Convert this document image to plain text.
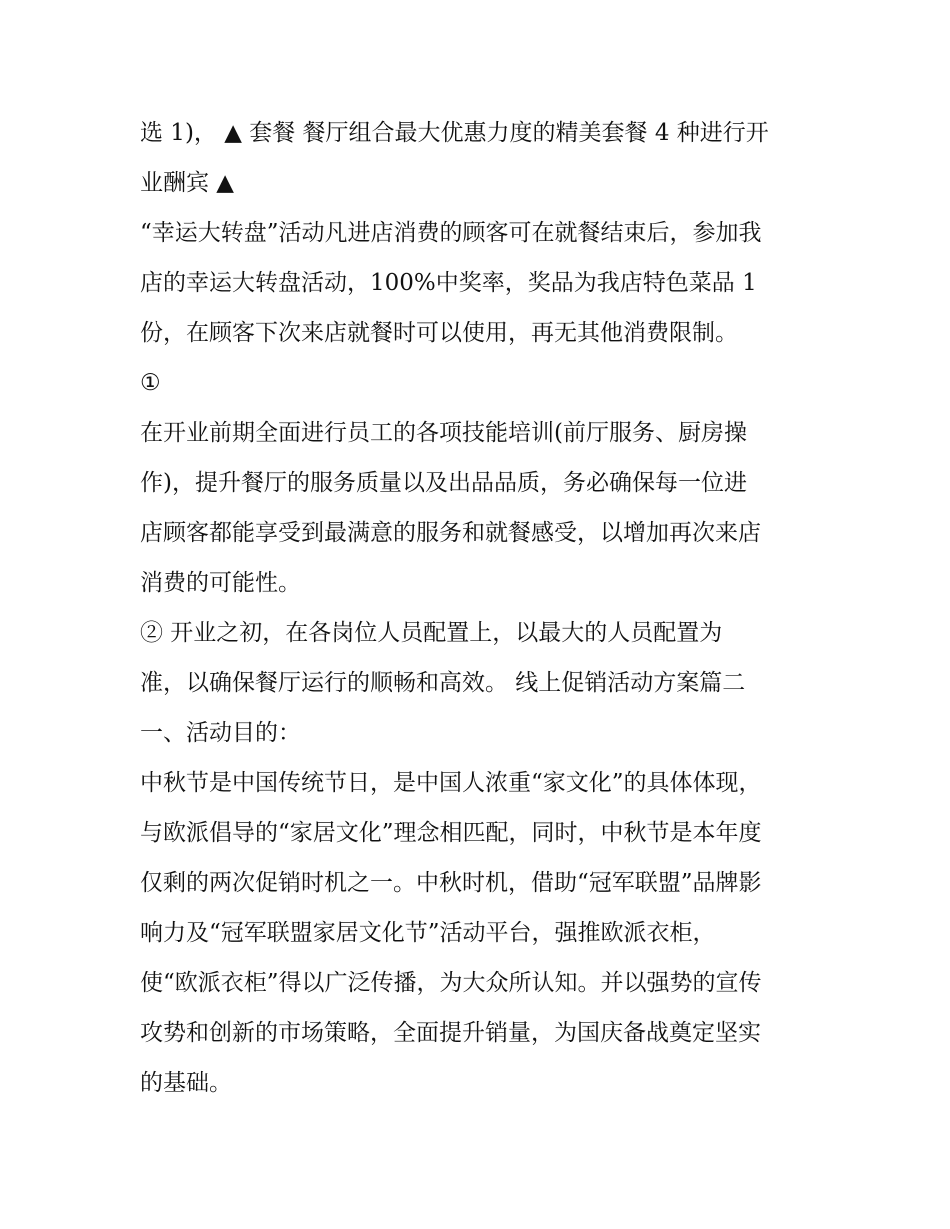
选 1)， ▲ 套餐 餐厅组合最大优惠力度的精美套餐 4 种进行开
业酬宾 ▲
“幸运大转盘”活动凡进店消费的顾客可在就餐结束后，参加我
店的幸运大转盘活动，100%中奖率，奖品为我店特色菜品 1
份，在顾客下次来店就餐时可以使用，再无其他消费限制。
①
在开业前期全面进行员工的各项技能培训(前厅服务、厨房操
作)，提升餐厅的服务质量以及出品品质，务必确保每一位进
店顾客都能享受到最满意的服务和就餐感受，以增加再次来店
消费的可能性。
② 开业之初，在各岗位人员配置上，以最大的人员配置为
准，以确保餐厅运行的顺畅和高效。 线上促销活动方案篇二
一、活动目的：
中秋节是中国传统节日，是中国人浓重“家文化”的具体体现，
与欧派倡导的“家居文化”理念相匹配，同时，中秋节是本年度
仅剩的两次促销时机之一。中秋时机，借助“冠军联盟”品牌影
响力及“冠军联盟家居文化节”活动平台，强推欧派衣柜，
使“欧派衣柜”得以广泛传播，为大众所认知。并以强势的宣传
攻势和创新的市场策略，全面提升销量，为国庆备战奠定坚实
的基础。
